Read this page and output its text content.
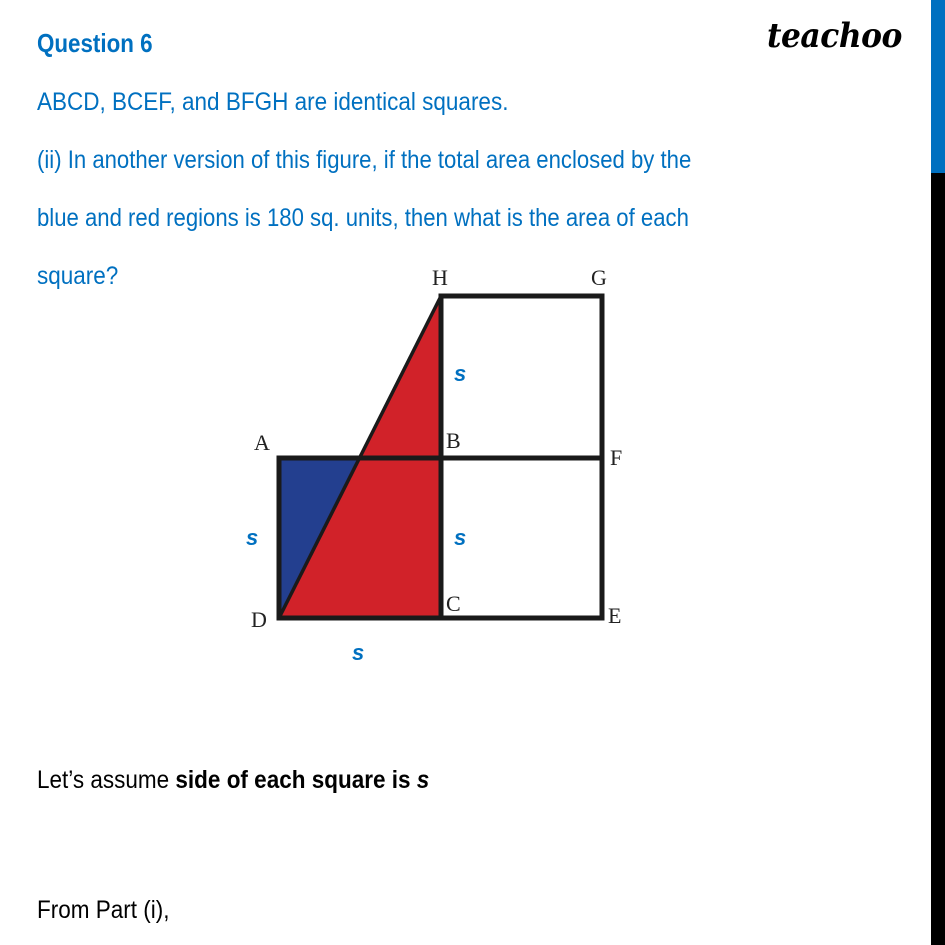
Question 6	teachoo
ABCD, BCEF, and BFGH are identical squares.
(ii) In another version of this figure, if the total area enclosed by the
blue and red regions is 180 sq. units, then what is the area of each
square?	H	G
A	B
F
D
C	E
s
s	s
s
Let’s assume side of each square is s
From Part (i),
